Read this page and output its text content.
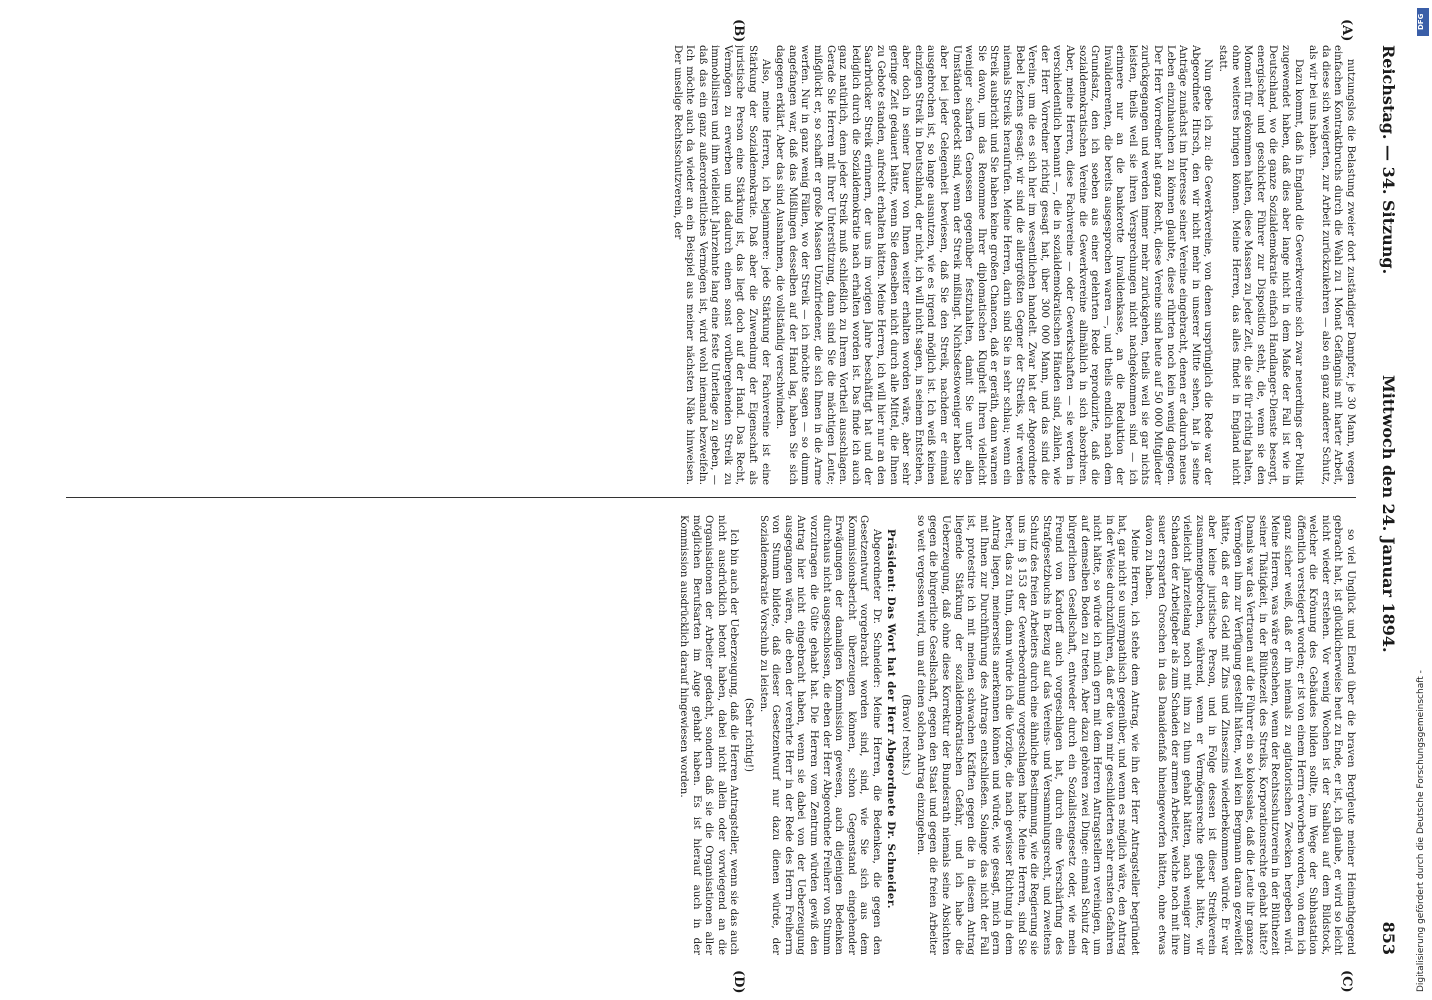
Reichstag. — 34. Sitzung.
Mittwoch den 24. Januar 1894.
853
(A)
(B)
(C)
(D)

nutzungslos die Belastung zweier dort zuständiger Dampfer, je 30 Mann, wegen einfachen Kontraktbruchs durch die Wahl zu 1 Monat Gefängnis mit harter Arbeit, da diese sich weigerten, zur Arbeit zurückzukehren — also ein ganz anderer Schutz, als wir bei uns haben.

Dazu kommt, daß in England die Gewerkvereine sich zwar neuerdings der Politik zugewendet haben, daß dies aber lange nicht in dem Maße der Fall ist wie in Deutschland, wo die ganze Sozialdemokratie einfach Handlanger-Dienste besorgt, energischer und geschickter Führer zur Disposition steht, die, wenn sie den Moment für gekommen halten, diese Massen zu jeder Zeit, die sie für richtig halten, ohne weiteres bringen können. Meine Herren, das alles findet in England nicht statt.

Nun gebe ich zu: die Gewerkvereine, von denen ursprünglich die Rede war der Abgeordnete Hirsch, den wir nicht mehr in unserer Mitte sehen, hat ja seine Anträge zunächst im Interesse seiner Vereine eingebracht, denen er dadurch neues Leben einzuhauchen zu können glaubte, diese rührten noch kein wenig dagegen. Der Herr Vorredner hat ganz Recht, diese Vereine sind heute auf 50 000 Mitglieder zurückgegangen und werden immer mehr zurückgehen, theils weil sie gar nichts leisten, theils weil sie ihren Versprechungen nicht nachgekommen sind — ich erinnere nur an die bankerotte Invalidenkasse, an die Reduktion der Invalidenrenten, die bereits ausgesprochen waren —, und theils endlich nach dem Grundsatz, den ich soeben aus einer gelehrten Rede reproduzirte, daß die sozialdemokratischen Vereine die Gewerkvereine allmählich in sich absorbiren. Aber, meine Herren, diese Fachvereine — oder Gewerkschaften — sie werden in verschiedentlich benannt —, die in sozialdemokratischen Händen sind, zählen, wie der Herr Vorredner richtig gesagt hat, über 300 000 Mann, und das sind die Vereine, um die es sich hier im wesentlichen handelt. Zwar hat der Abgeordnete Bebel leztens gesagt: wir sind die allergrößten Gegner der Streiks, wir werden niemals Streiks heraufrufen. Meine Herren, darin sind Sie in sehr schlau; wenn ein Streik ausbricht und Sie haben keine großen Chancen, daß er geräth, dann warnen Sie davon, um das Renommee Ihrer diplomatischen Klugheit Ihren vielleicht weniger scharfen Genossen gegenüber festzuhalten, damit Sie unter allen Umständen gedeckt sind, wenn der Streik mißlingt. Nichtsdestoweniger haben Sie aber bei jeder Gelegenheit bewiesen, daß Sie den Streik, nachdem er einmal ausgebrochen ist, so lange ausnutzen, wie es irgend möglich ist. Ich weiß keinen einzigen Streik in Deutschland, der nicht, ich will nicht sagen, in seinem Entstehen, aber doch in seiner Dauer von Ihnen weiter erhalten worden wäre, aber sehr geringe Zeit gedauert hätte, wenn Sie denselben nicht durch alle Mittel, die Ihnen zu Gebote standen, aufrecht erhalten hätten. Meine Herren, ich will hier nur an den Saarbrücker Streik erinnern, der uns im vorigen Jahre beschäftigt hat und der lediglich durch die Sozialdemokratie nach erhalten worden ist. Das finde ich auch ganz natürlich, denn jeder Streik muß schließlich zu Ihrem Vortheil ausschlagen. Gerade Sie Herren mit Ihrer Unterstützung, dann sind Sie die mächtigen Leute; mißglückt er, so schafft er große Massen Unzufriedener, die sich Ihnen in die Arme werfen. Nur in ganz wenig Fällen, wo der Streik — ich möchte sagen — so dumm angefangen war, daß das Mißlingen desselben auf der Hand lag, haben Sie sich dagegen erklärt. Aber das sind Ausnahmen, die vollständig verschwinden.

Also, meine Herren, ich bejammere: jede Stärkung der Fachvereine ist eine Stärkung der Sozialdemokratie. Daß aber die Zuwendung der Eigenschaft als juristische Person eine Stärkung ist, das liegt doch auf der Hand. Das Recht, Vermögen zu erwerben und dadurch einen sonst vorübergehenden Streik zu immobilisiren und ihm vielleicht Jahrzehnte lang eine feste Unterlage zu geben, — daß das ein ganz außerordentliches Vermögen ist, wird wohl niemand bezweifeln. Ich möchte auch da wieder an ein Beispiel aus meiner nächsten Nähe hinweisen. Der unselige Rechtsschutzverein, der

so viel Unglück und Elend über die braven Bergleute meiner Heimathgegend gebracht hat, ist glücklicherweise heut zu Ende, er ist, ich glaube, er wird so leicht nicht wieder erstehen. Vor wenig Wochen ist der Saalbau auf dem Bildstock, welcher die Krönung des Gebäudes bilden sollte, im Wege der Subhastation öffentlich versteigert worden; er ist von einem Herrn erworben worden, von dem ich ganz sicher weiß, daß er ihn niemals zu agitatorischen Zwecken hergeben wird. Meine Herren, was wäre geschehen, wenn der Rechtsschutzverein in der Blüthezeit seiner Thätigkeit, in der Blüthezeit des Streiks, Korporationsrechte gehabt hätte? Damals war das Vertrauen auf die Führer ein so kolossales, daß die Leute ihr ganzes Vermögen ihm zur Verfügung gestellt hätten, weil kein Bergmann daran gezweifelt hätte, daß er das Geld mit Zins und Zinseszins wiederbekommen würde. Er war aber keine juristische Person, und in Folge dessen ist dieser Streikverein zusammengebrochen, während, wenn er Vermögensrechte gehabt hätte, wir vielleicht jahrzeitelang noch mit ihm zu thun gehabt hätten, nach weniger zum Schaden der Arbeitgeber als zum Schaden der armen Arbeiter, welche noch mit ihre sauer ersparten Groschen in das Danaidenfaß hineingeworfen hätten, ohne etwas davon zu haben.

Meine Herren, ich stehe dem Antrag, wie ihn der Herr Antragsteller begründet hat, gar nicht so unsympathisch gegenüber, und wenn es möglich wäre, den Antrag in der Weise durchzuführen, daß er die von mir geschilderten sehr ernsten Gefahren nicht hätte, so würde ich mich gern mit dem Herren Antragstellern vereinigen, um auf demselben Boden zu treten. Aber dazu gehören zwei Dinge: einmal Schutz der bürgerlichen Gesellschaft, entweder durch ein Sozialistengesetz oder, wie mein Freund von Kardorff auch vorgeschlagen hat, durch eine Verschärfung des Strafgesetzbuchs in Bezug auf das Vereins- und Versammlungsrecht, und zweitens Schutz des freien Arbeiters durch eine ähnliche Bestimmung, wie die Regierung sie uns im § 153 der Gewerbeordnung vorgeschlagen hatte. Meine Herren, sind Sie bereit, das zu thun, dann würde ich die Vorzüge, die nach gewisser Richtung in dem Antrag liegen, meinerseits anerkennen können und würde, wie gesagt, mich gern mit Ihnen zur Durchführung des Antrags entschließen. Solange das nicht der Fall ist, protestire ich mit meinen schwachen Kräften gegen die in diesem Antrag liegende Stärkung der sozialdemokratischen Gefahr, und ich habe die Ueberzeugung, daß ohne diese Korrektur der Bundesrath niemals seine Absichten gegen die bürgerliche Gesellschaft, gegen den Staat und gegen die freien Arbeiter so weit vergessen wird, um auf einen solchen Antrag einzugehen.

(Bravo! rechts.)

Präsident: Das Wort hat der Herr Abgeordnete Dr. Schneider.

Abgeordneter Dr. Schneider: Meine Herren, die Bedenken, die gegen den Gesetzentwurf vorgebracht worden sind, sind, wie Sie sich aus dem Kommissionsbericht überzeugen können, schon Gegenstand eingehender Erwägungen der damaligen Kommission gewesen, auch diejenigen Bedenken durchaus nicht ausgeschlossen, die eben der Herr Abgeordnete Freiherr von Stumm vorzutragen die Güte gehabt hat. Die Herren vom Zentrum würden gewiß den Antrag hier nicht eingebracht haben, wenn sie dabei von der Ueberzeugung ausgegangen wären, die eben der verehrte Herr in der Rede des Herrn Freiherrn von Stumm bildete, daß dieser Gesetzentwurf nur dazu dienen würde, der Sozialdemokratie Vorschub zu leisten.

(Sehr richtig!)

Ich bin auch der Ueberzeugung, daß die Herren Antragsteller, wenn sie das auch nicht ausdrücklich betont haben, dabei nicht allein oder vorwiegend an die Organisationen der Arbeiter gedacht, sondern daß sie die Organisationen aller möglichen Berufsarten im Auge gehabt haben. Es ist hierauf auch in der Kommission ausdrücklich darauf hingewiesen worden.

Digitalisierung gefördert durch die Deutsche Forschungsgemeinschaft -
DFG
